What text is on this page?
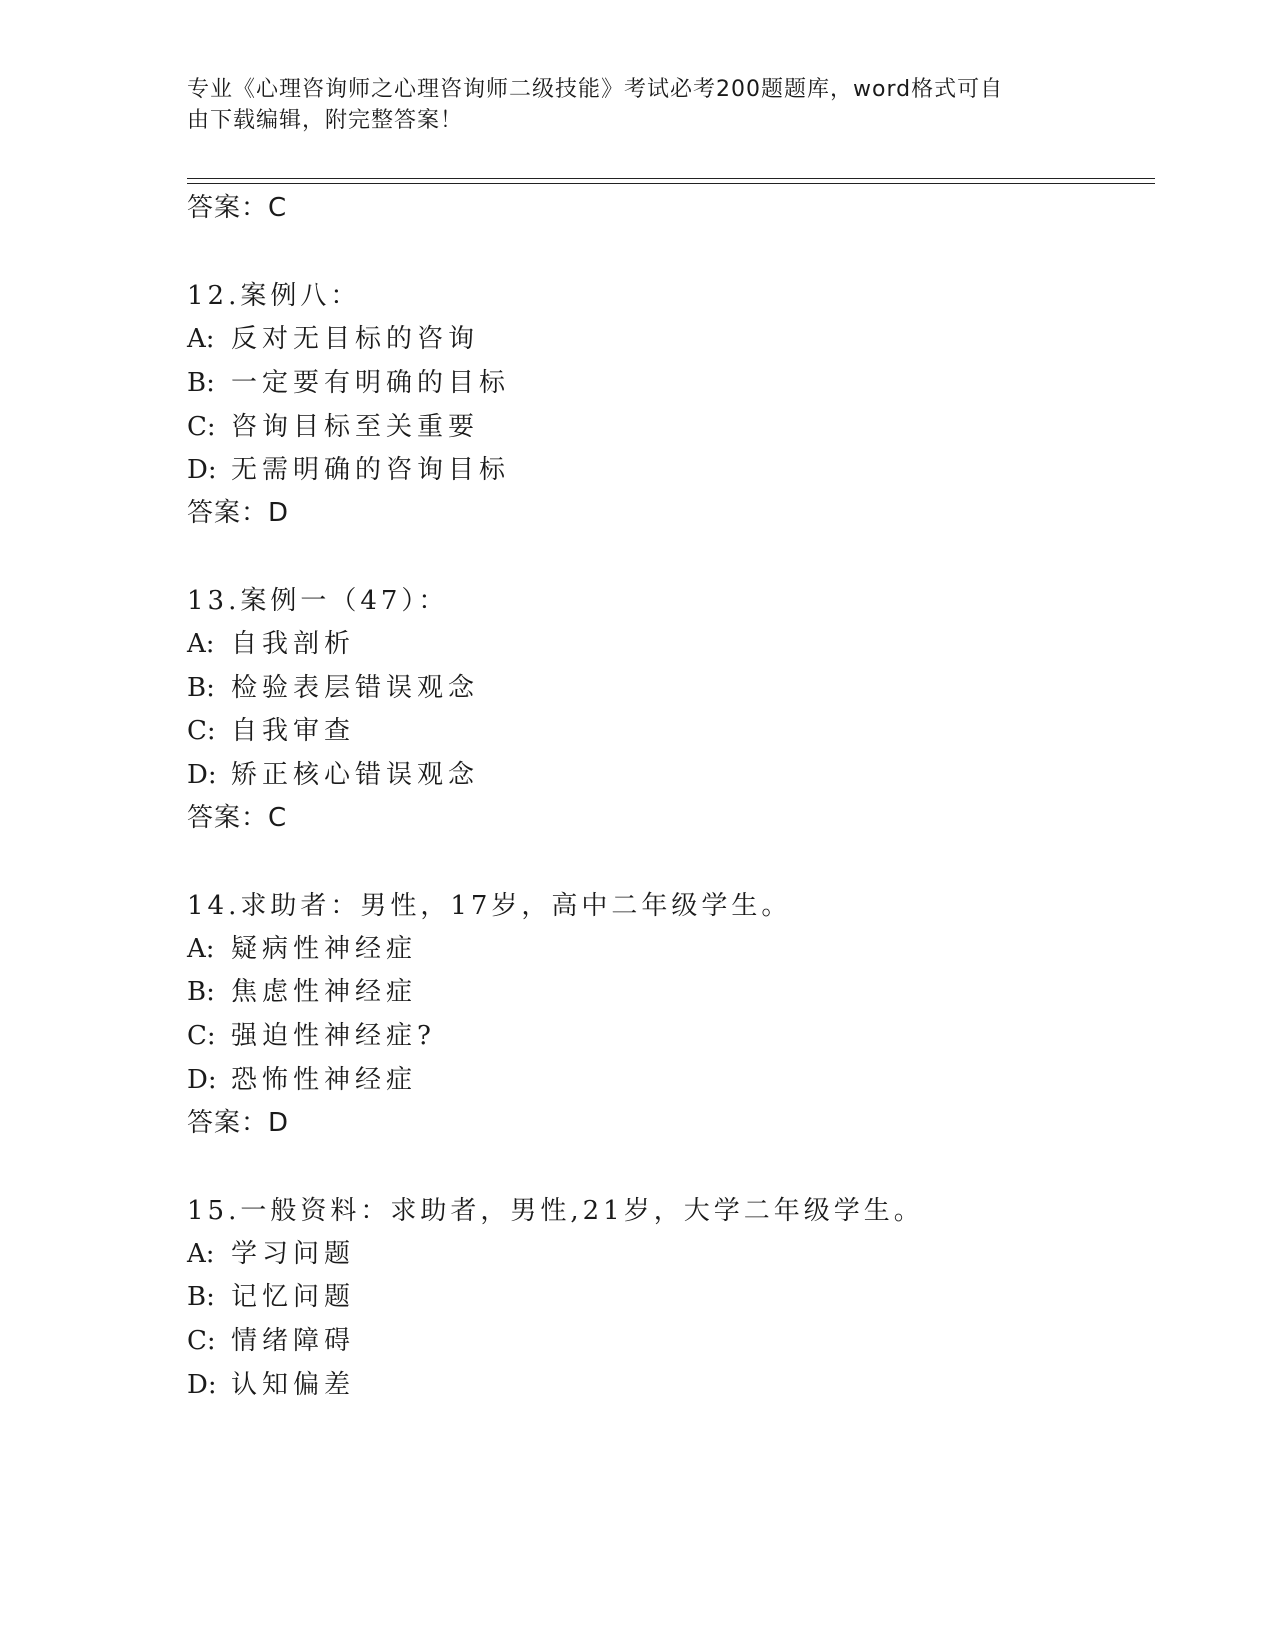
专业《心理咨询师之心理咨询师二级技能》考试必考200题题库，word格式可自
由下载编辑，附完整答案！
答案：C
12.案例八：
A: 反对无目标的咨询
B: 一定要有明确的目标
C: 咨询目标至关重要
D: 无需明确的咨询目标
答案：D
13.案例一（47）：
A: 自我剖析
B: 检验表层错误观念
C: 自我审查
D: 矫正核心错误观念
答案：C
14.求助者：男性，17岁，高中二年级学生。
A: 疑病性神经症
B: 焦虑性神经症
C: 强迫性神经症?
D: 恐怖性神经症
答案：D
15.一般资料：求助者，男性,21岁，大学二年级学生。
A: 学习问题
B: 记忆问题
C: 情绪障碍
D: 认知偏差
